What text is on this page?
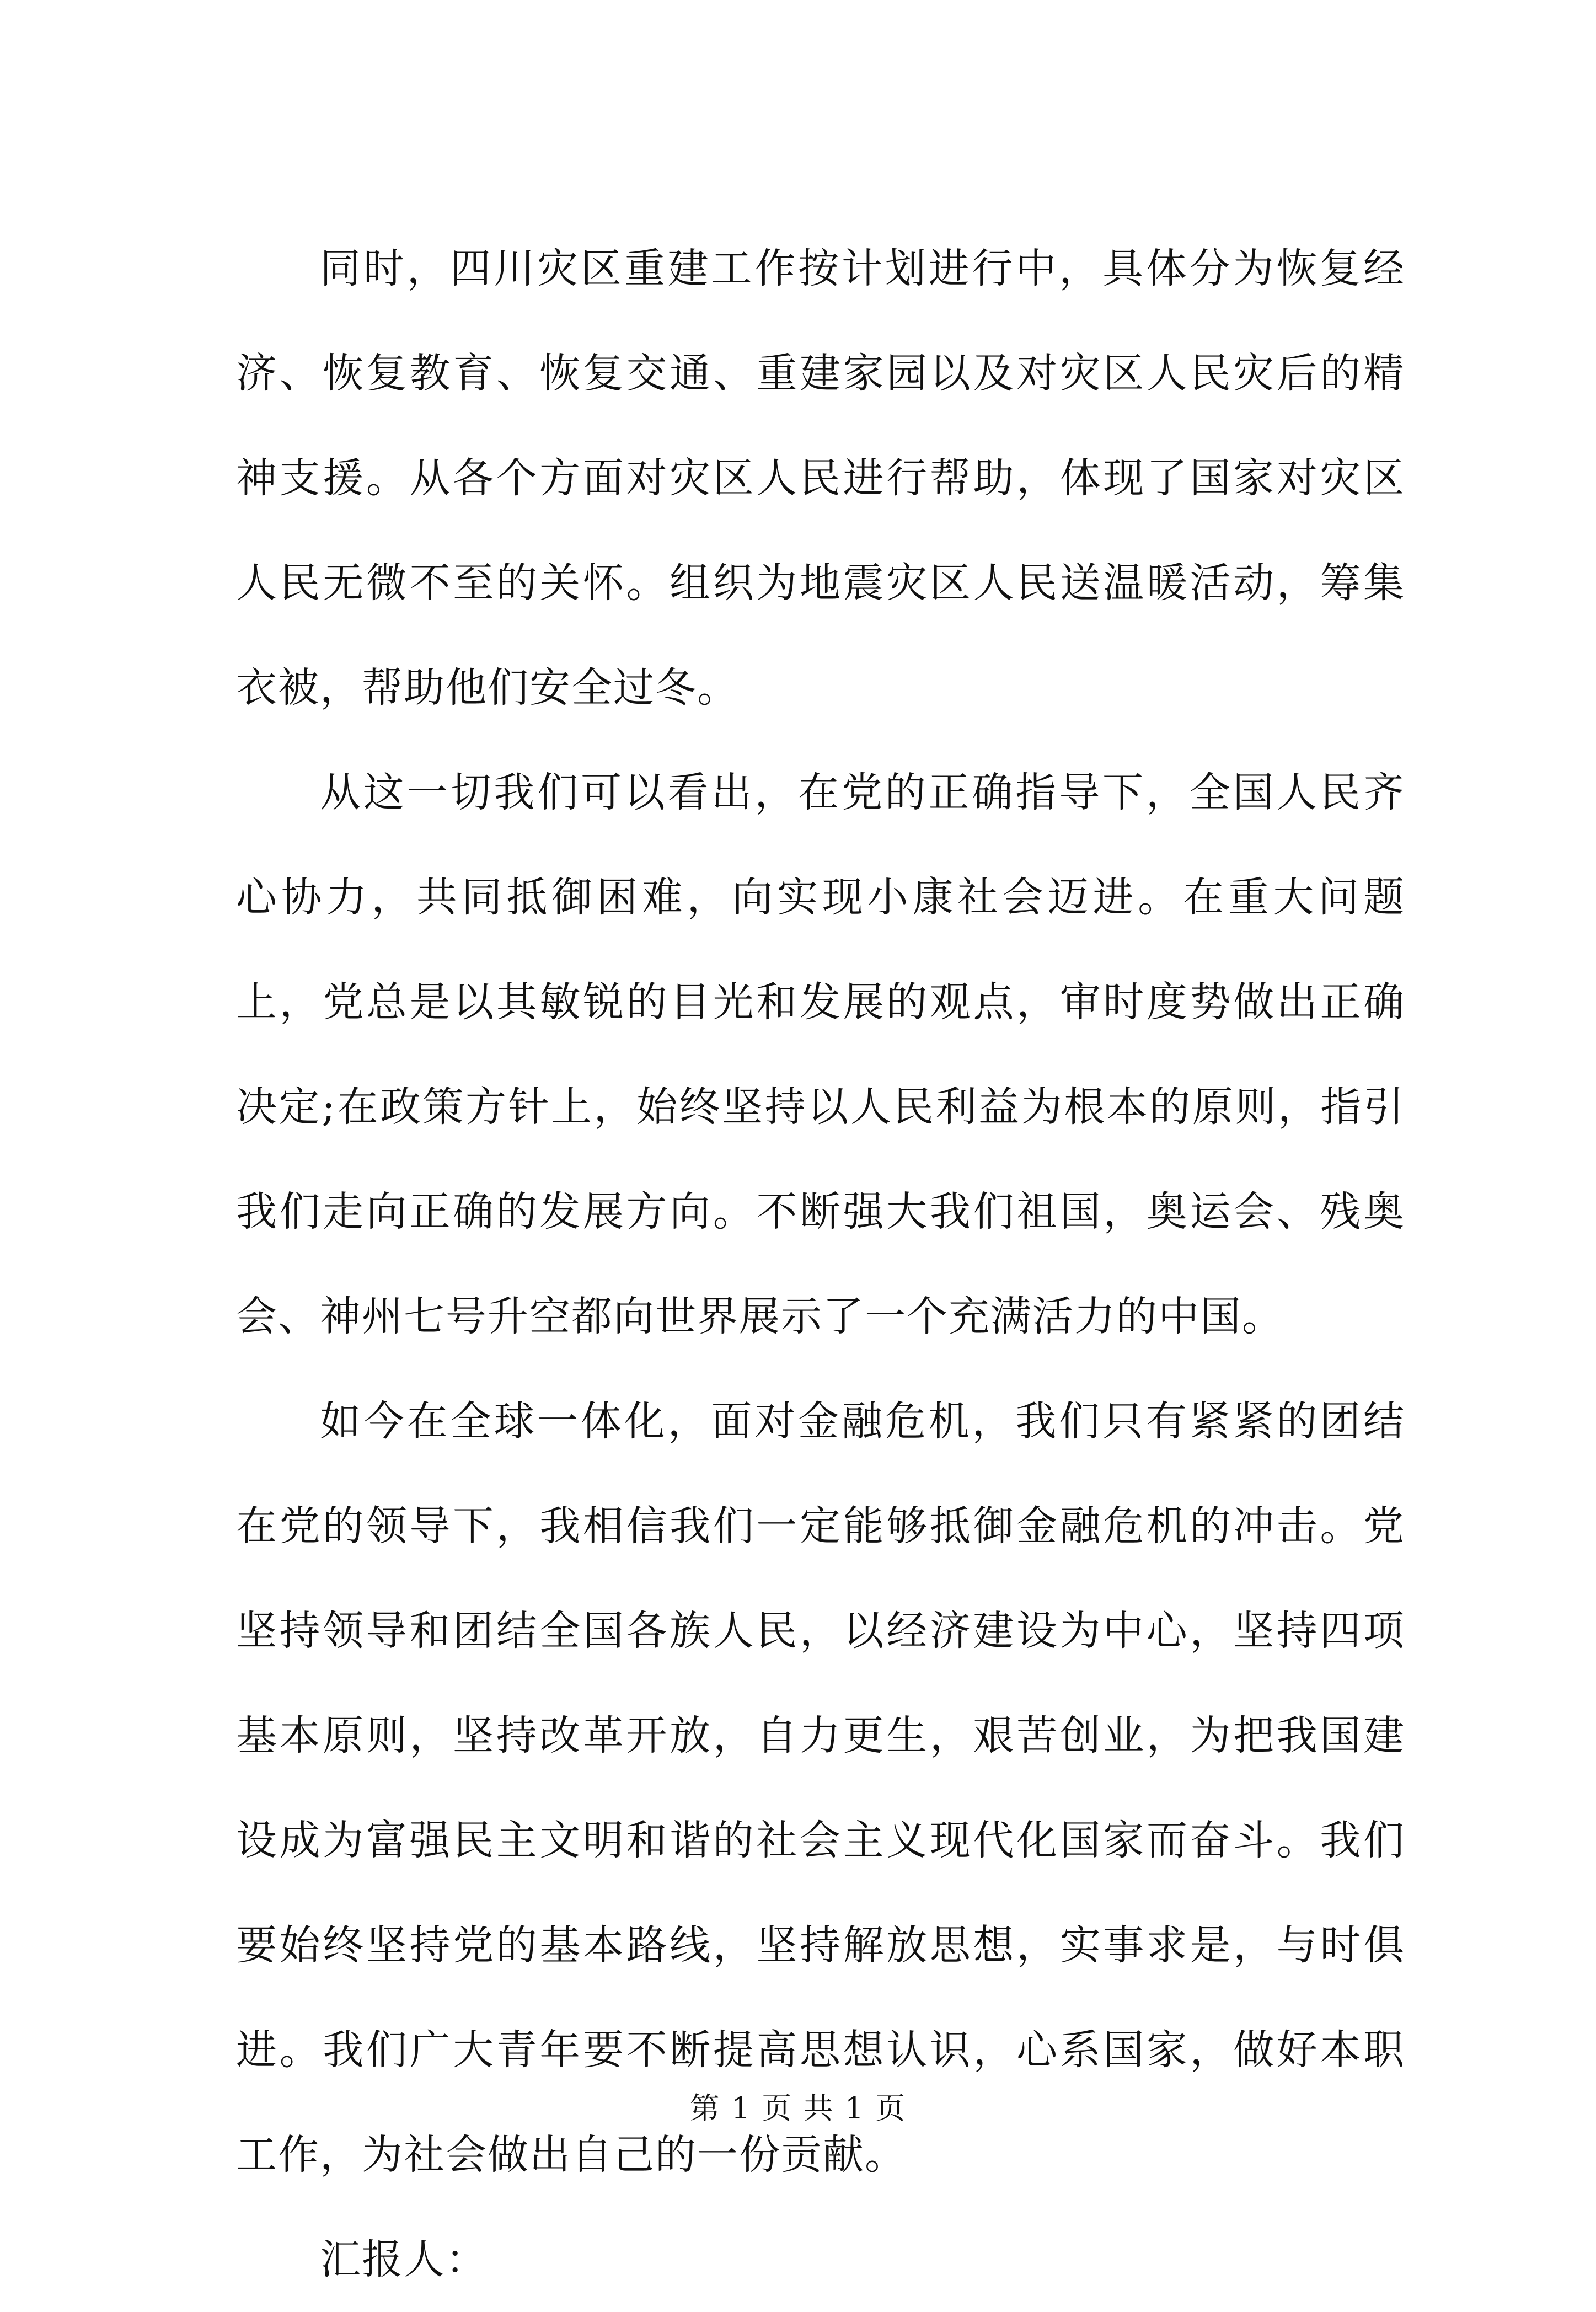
同时，四川灾区重建工作按计划进行中，具体分为恢复经济、恢复教育、恢复交通、重建家园以及对灾区人民灾后的精神支援。从各个方面对灾区人民进行帮助，体现了国家对灾区人民无微不至的关怀。组织为地震灾区人民送温暖活动，筹集衣被，帮助他们安全过冬。

从这一切我们可以看出，在党的正确指导下，全国人民齐心协力，共同抵御困难，向实现小康社会迈进。在重大问题上，党总是以其敏锐的目光和发展的观点，审时度势做出正确决定;在政策方针上，始终坚持以人民利益为根本的原则，指引我们走向正确的发展方向。不断强大我们祖国，奥运会、残奥会、神州七号升空都向世界展示了一个充满活力的中国。

如今在全球一体化，面对金融危机，我们只有紧紧的团结在党的领导下，我相信我们一定能够抵御金融危机的冲击。党坚持领导和团结全国各族人民，以经济建设为中心，坚持四项基本原则，坚持改革开放，自力更生，艰苦创业，为把我国建设成为富强民主文明和谐的社会主义现代化国家而奋斗。我们要始终坚持党的基本路线，坚持解放思想，实事求是，与时俱进。我们广大青年要不断提高思想认识，心系国家，做好本职工作，为社会做出自己的一份贡献。

汇报人：

第 1 页 共 1 页
